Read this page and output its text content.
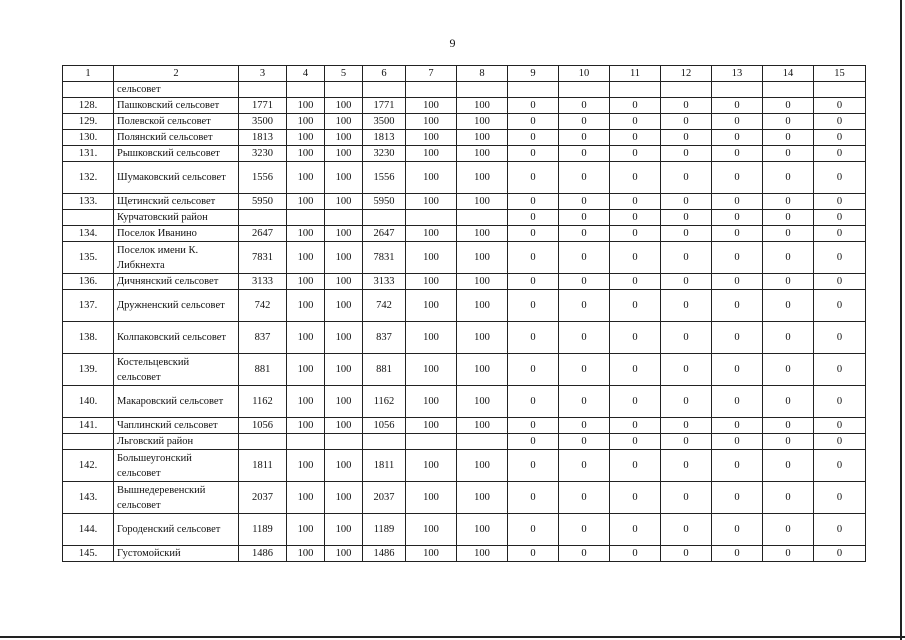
9
1	2	3	4	5	6	7	8	9	10	11	12	13	14	15
	сельсовет													
128.	Пашковский сельсовет	1771	100	100	1771	100	100	0	0	0	0	0	0	0
129.	Полевской сельсовет	3500	100	100	3500	100	100	0	0	0	0	0	0	0
130.	Полянский сельсовет	1813	100	100	1813	100	100	0	0	0	0	0	0	0
131.	Рышковский сельсовет	3230	100	100	3230	100	100	0	0	0	0	0	0	0
132.	Шумаковский сельсовет	1556	100	100	1556	100	100	0	0	0	0	0	0	0
133.	Щетинский сельсовет	5950	100	100	5950	100	100	0	0	0	0	0	0	0
	Курчатовский район							0	0	0	0	0	0	0
134.	Поселок Иванино	2647	100	100	2647	100	100	0	0	0	0	0	0	0
135.	Поселок имени К. Либкнехта	7831	100	100	7831	100	100	0	0	0	0	0	0	0
136.	Дичнянский сельсовет	3133	100	100	3133	100	100	0	0	0	0	0	0	0
137.	Дружненский сельсовет	742	100	100	742	100	100	0	0	0	0	0	0	0
138.	Колпаковский сельсовет	837	100	100	837	100	100	0	0	0	0	0	0	0
139.	Костельцевский сельсовет	881	100	100	881	100	100	0	0	0	0	0	0	0
140.	Макаровский сельсовет	1162	100	100	1162	100	100	0	0	0	0	0	0	0
141.	Чаплинский сельсовет	1056	100	100	1056	100	100	0	0	0	0	0	0	0
	Льговский район							0	0	0	0	0	0	0
142.	Большеугонский сельсовет	1811	100	100	1811	100	100	0	0	0	0	0	0	0
143.	Вышнедеревенский сельсовет	2037	100	100	2037	100	100	0	0	0	0	0	0	0
144.	Городенский сельсовет	1189	100	100	1189	100	100	0	0	0	0	0	0	0
145.	Густомойский	1486	100	100	1486	100	100	0	0	0	0	0	0	0
